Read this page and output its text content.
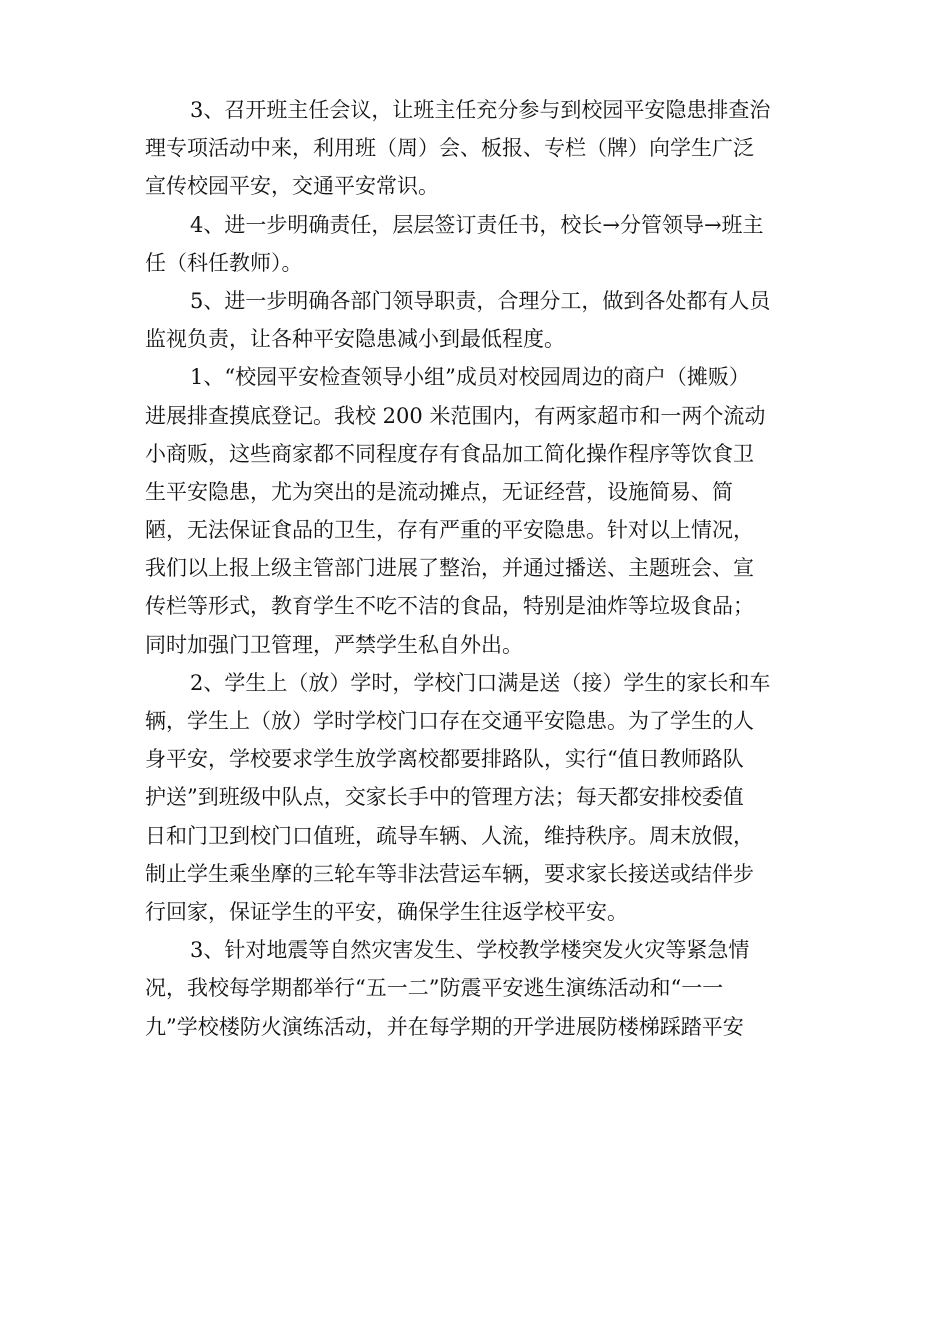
3、召开班主任会议，让班主任充分参与到校园平安隐患排查治
理专项活动中来，利用班（周）会、板报、专栏（牌）向学生广泛
宣传校园平安，交通平安常识。
4、进一步明确责任，层层签订责任书，校长→分管领导→班主
任（科任教师）。
5、进一步明确各部门领导职责，合理分工，做到各处都有人员
监视负责，让各种平安隐患减小到最低程度。
1、“校园平安检查领导小组”成员对校园周边的商户（摊贩）
进展排查摸底登记。我校 200 米范围内，有两家超市和一两个流动
小商贩，这些商家都不同程度存有食品加工简化操作程序等饮食卫
生平安隐患，尤为突出的是流动摊点，无证经营，设施简易、简
陋，无法保证食品的卫生，存有严重的平安隐患。针对以上情况，
我们以上报上级主管部门进展了整治，并通过播送、主题班会、宣
传栏等形式，教育学生不吃不洁的食品，特别是油炸等垃圾食品；
同时加强门卫管理，严禁学生私自外出。
2、学生上（放）学时，学校门口满是送（接）学生的家长和车
辆，学生上（放）学时学校门口存在交通平安隐患。为了学生的人
身平安，学校要求学生放学离校都要排路队，实行“值日教师路队
护送”到班级中队点，交家长手中的管理方法；每天都安排校委值
日和门卫到校门口值班，疏导车辆、人流，维持秩序。周末放假，
制止学生乘坐摩的三轮车等非法营运车辆，要求家长接送或结伴步
行回家，保证学生的平安，确保学生往返学校平安。
3、针对地震等自然灾害发生、学校教学楼突发火灾等紧急情
况，我校每学期都举行“五一二”防震平安逃生演练活动和“一一
九”学校楼防火演练活动，并在每学期的开学进展防楼梯踩踏平安
